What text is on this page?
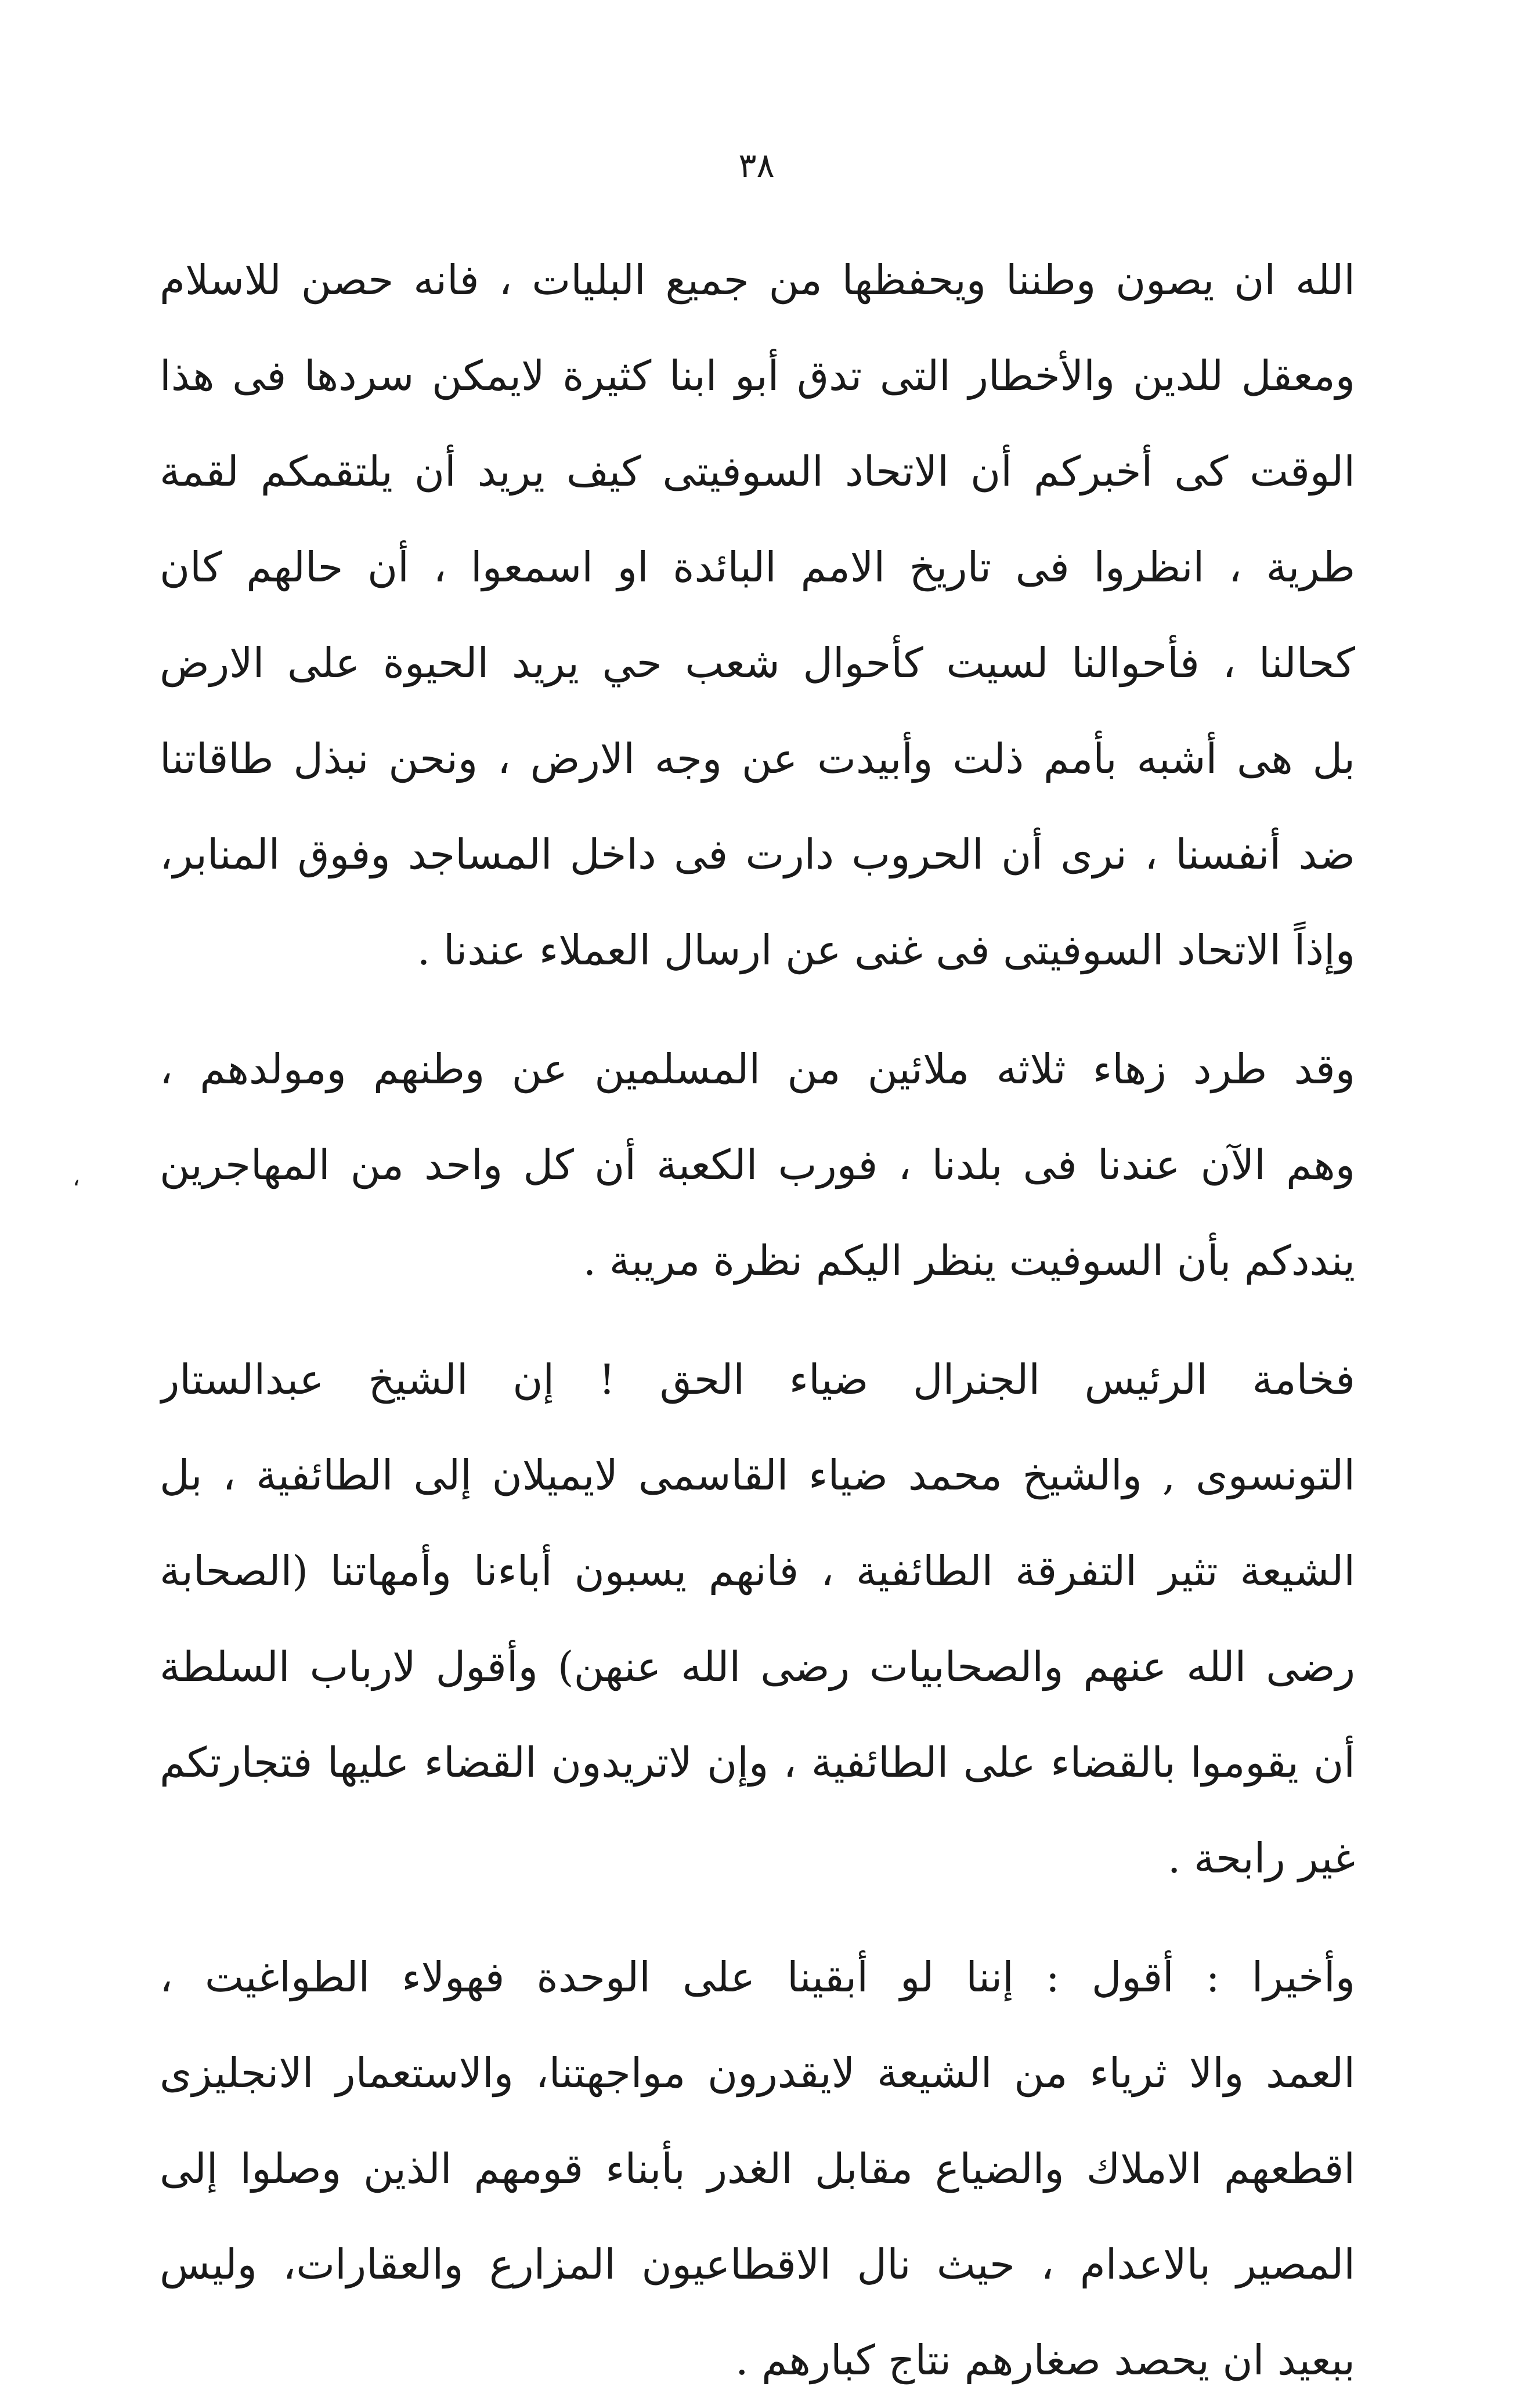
٣٨
،
الله ان يصون وطننا ويحفظها من جميع البليات ، فانه حصن للاسلام
ومعقل للدين والأخطار التى تدق أبو ابنا كثيرة لايمكن سردها فى هذا
الوقت كى أخبركم أن الاتحاد السوفيتى كيف يريد أن يلتقمكم لقمة
طرية ، انظروا فى تاريخ الامم البائدة او اسمعوا ، أن حالهم كان
كحالنا ، فأحوالنا لسيت كأحوال شعب حي يريد الحيوة على الارض
بل هى أشبه بأمم ذلت وأبيدت عن وجه الارض ، ونحن نبذل طاقاتنا
ضد أنفسنا ، نرى أن الحروب دارت فى داخل المساجد وفوق المنابر،
وإذاً الاتحاد السوفيتى فى غنى عن ارسال العملاء عندنا .
وقد طرد زهاء ثلاثه ملائين من المسلمين عن وطنهم ومولدهم ،
وهم الآن عندنا فى بلدنا ، فورب الكعبة أن كل واحد من المهاجرين
ينددكم بأن السوفيت ينظر اليكم نظرة مريبة .
فخامة الرئيس الجنرال ضياء الحق ! إن الشيخ عبدالستار
التونسوى , والشيخ محمد ضياء القاسمى لايميلان إلى الطائفية ، بل
الشيعة تثير التفرقة الطائفية ، فانهم يسبون أباءنا وأمهاتنا (الصحابة
رضى الله عنهم والصحابيات رضى الله عنهن) وأقول لارباب السلطة
أن يقوموا بالقضاء على الطائفية ، وإن لاتريدون القضاء عليها فتجارتكم
غير رابحة .
وأخيرا : أقول : إننا لو أبقينا على الوحدة فهولاء الطواغيت ،
العمد والا ثرياء من الشيعة لايقدرون مواجهتنا، والاستعمار الانجليزى
اقطعهم الاملاك والضياع مقابل الغدر بأبناء قومهم الذين وصلوا إلى
المصير بالاعدام ، حيث نال الاقطاعيون المزارع والعقارات، وليس
ببعيد ان يحصد صغارهم نتاج كبارهم .
